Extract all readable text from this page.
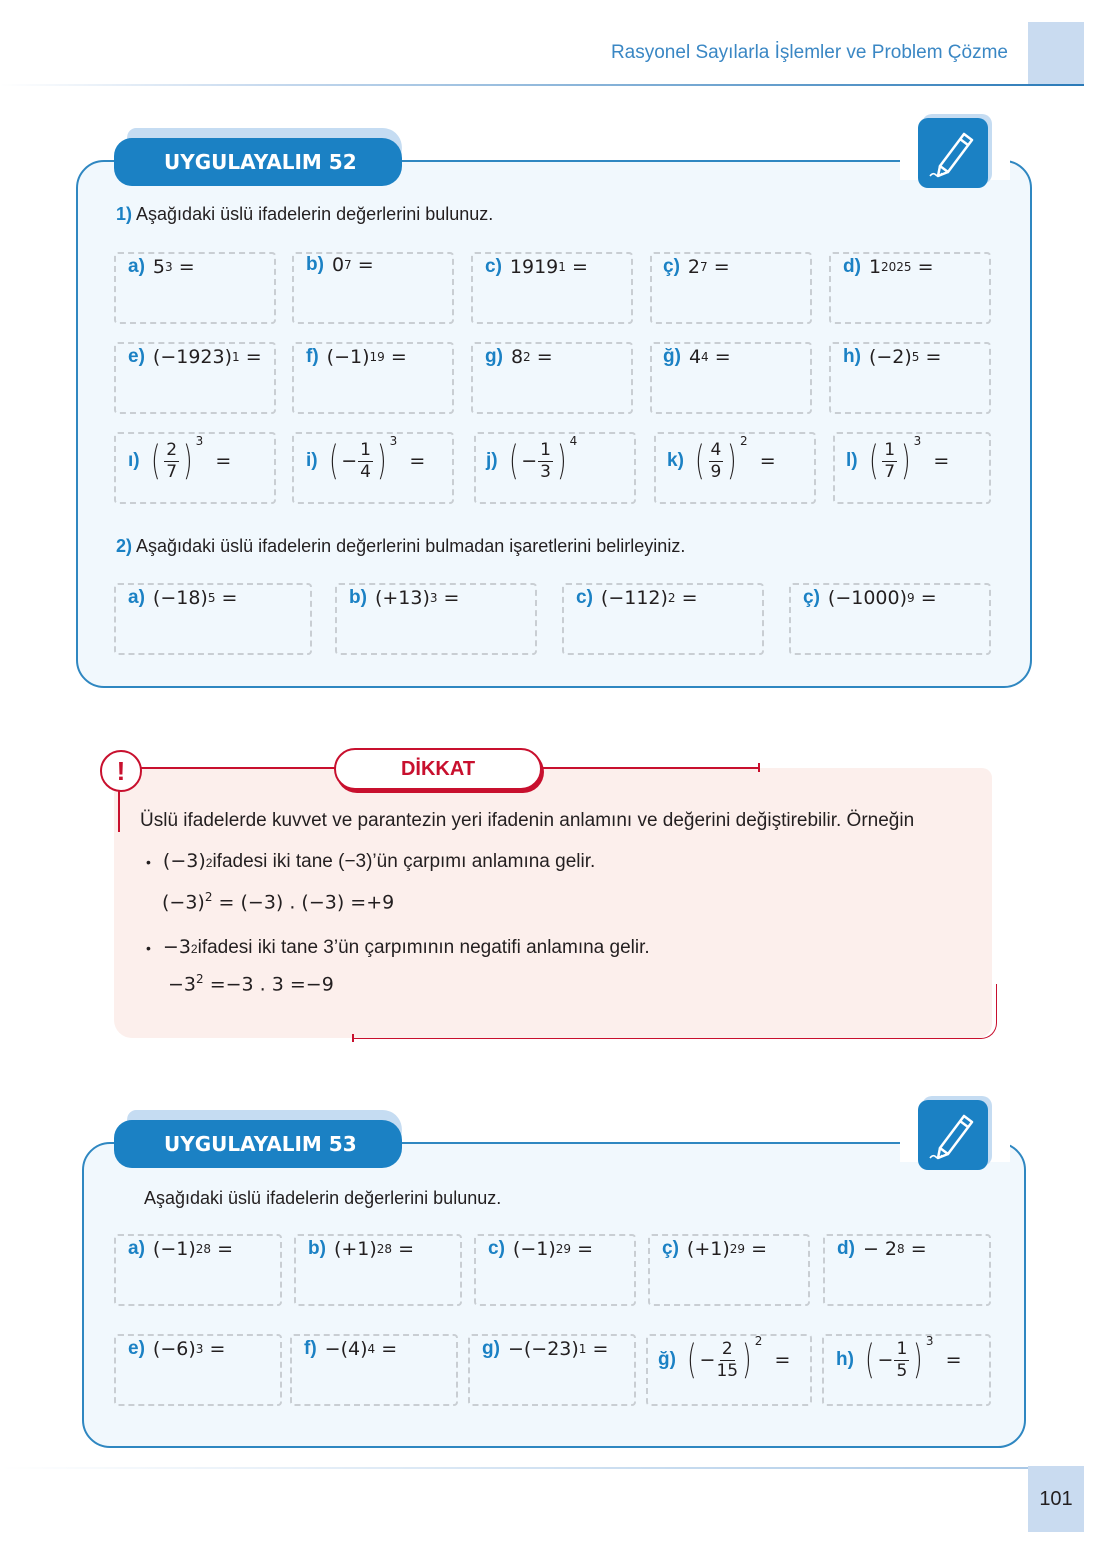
Rasyonel Sayılarla İşlemler ve Problem Çözme
UYGULAYALIM 52
1) Aşağıdaki üslü ifadelerin değerlerini bulunuz.
a) 5 3
=	b) 0 7
=	c) 1919 1
=	ç) 2 7
=	d) 1 2025
=
e) (−1923) 1
= f) (−1) 19
=	g) 8 2
=	ğ) 4 4
=	h) (−2) 5
=
ı) ( $\frac{2}{7}$ ) $^3$

=	i) ( − $\frac{1}{4}$ ) $^3$

=	j) ( − $\frac{1}{3}$ ) $^4$

k) ( $\frac{4}{9}$ ) $^2$

=	l) ( $\frac{1}{7}$ ) $^3$

=
2) Aşağıdaki üslü ifadelerin değerlerini bulmadan işaretlerini belirleyiniz.
a) (−18) 5
=	b) (+13) 3
=	c) (−112) 2
=	ç) (−1000) 9
=
!	DİKKAT
Üslü ifadelerde kuvvet ve parantezin yeri ifadenin anlamını ve değerini değiştirebilir. Örneğin
• (−3) 2 ifadesi iki tane (−3)’ün çarpımı anlamına gelir.
$(-3)^2 = (-3)$ . (−3) =+9
• −3 2 ifadesi iki tane 3’ün çarpımının negatifi anlamına gelir.
$-3^2 =-3$ . 3 =−9
UYGULAYALIM 53
Aşağıdaki üslü ifadelerin değerlerini bulunuz.
a) (−1) 28
=	b) (+1) 28
=	c) (−1) 29
=	ç) (+1) 29
=	d) − 2 8
=
e) (−6) 3
=	f) −(4) 4
=	g) −(−23) 1
=	ğ) ( − $\frac{2}{15}$ ) $^2$

= h) ( − $\frac{1}{5}$ ) $^3$

=
101
